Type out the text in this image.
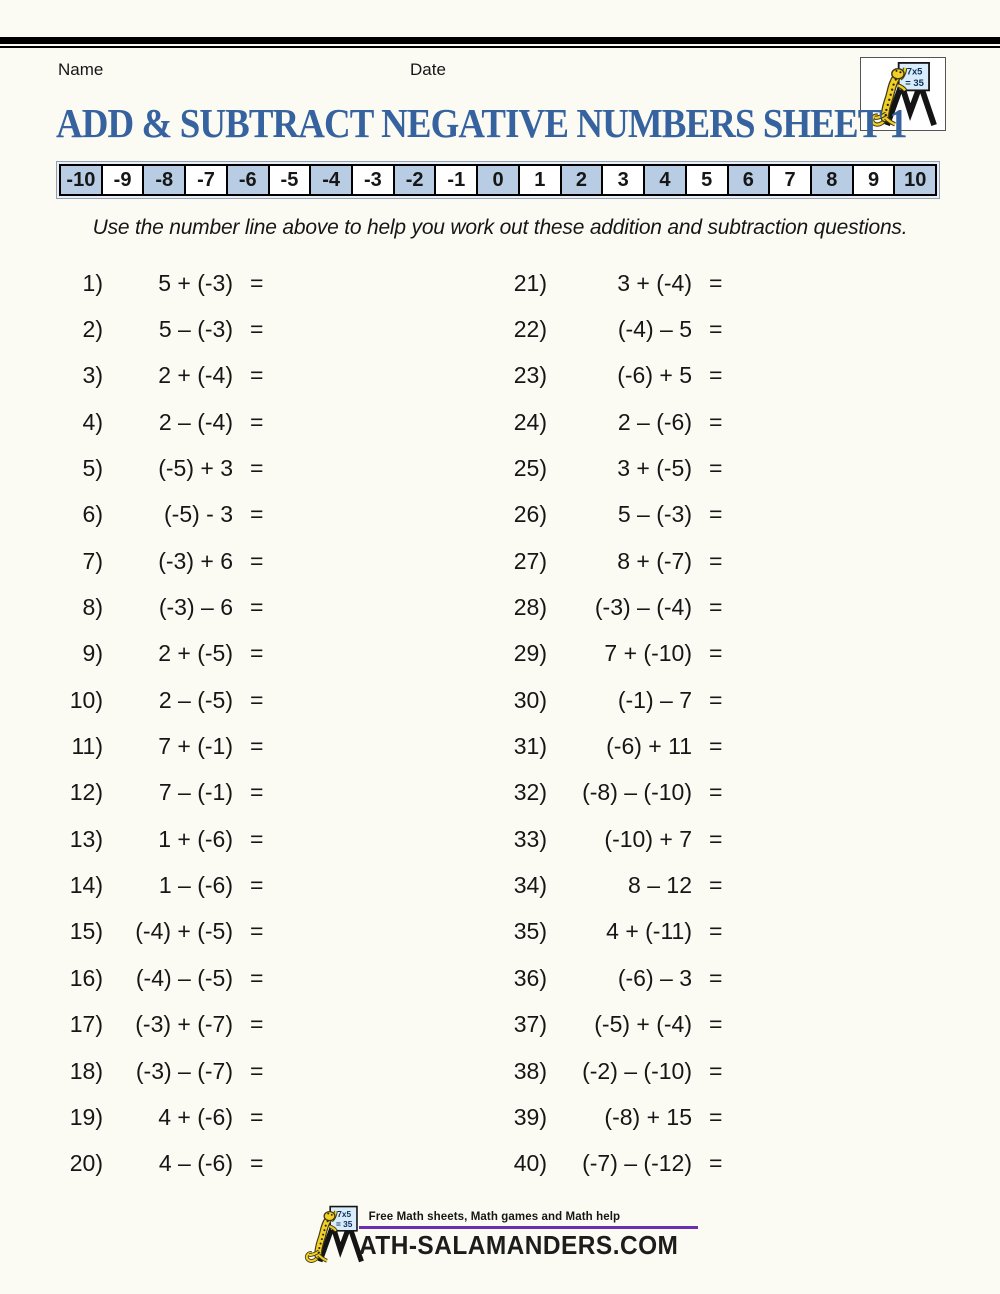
Name	Date
ADD & SUBTRACT NEGATIVE NUMBERS SHEET 1
-10 -9	-8	-7	-6	-5	-4	-3	-2	-1	0	1	2	3	4	5	6	7	8	9	10

Use the number line above to help you work out these addition and subtraction questions.

1)	5 + (-3) =
2)	5 – (-3) =
3)	2 + (-4) =
4)	2 – (-4) =
5)	(-5) + 3 =
6)	(-5) - 3 =
7)	(-3) + 6 =
8)	(-3) – 6 =
9)	2 + (-5) =
10)	2 – (-5) =
11)	7 + (-1) =
12)	7 – (-1) =
13)	1 + (-6) =
14)	1 – (-6) =
15)	(-4) + (-5) =
16)	(-4) – (-5) =
17)	(-3) + (-7) =
18)	(-3) – (-7) =
19)	4 + (-6) =
20)	4 – (-6) =
21)	3 + (-4) =
22)	(-4) – 5 =
23)	(-6) + 5 =
24)	2 – (-6) =
25)	3 + (-5) =
26)	5 – (-3) =
27)	8 + (-7) =
28)	(-3) – (-4) =
29)	7 + (-10) =
30)	(-1) – 7 =
31)	(-6) + 11 =
32)	(-8) – (-10) =
33)	(-10) + 7 =
34)	8 – 12 =
35)	4 + (-11) =
36)	(-6) – 3 =
37)	(-5) + (-4) =
38)	(-2) – (-10) =
39)	(-8) + 15 =
40)	(-7) – (-12) =
Free Math sheets, Math games and Math help
ATH-SALAMANDERS.COM
